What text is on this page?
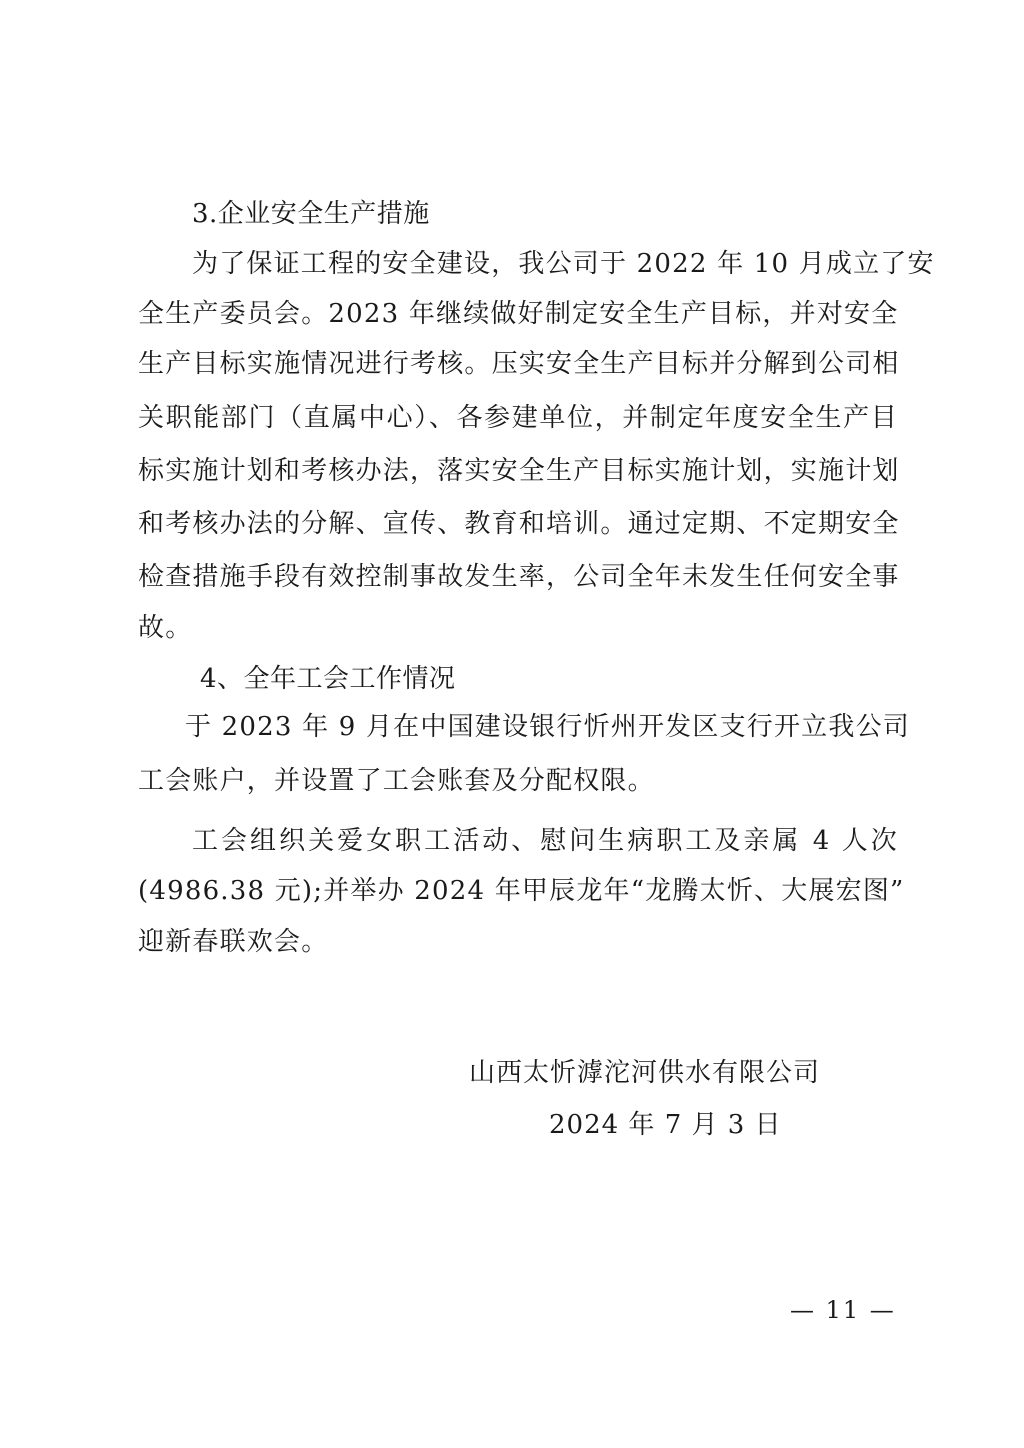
3.企业安全生产措施
为了保证工程的安全建设，我公司于 2022 年 10 月成立了安
全生产委员会。2023 年继续做好制定安全生产目标，并对安全
生产目标实施情况进行考核。压实安全生产目标并分解到公司相
关职能部门（直属中心）、各参建单位，并制定年度安全生产目
标实施计划和考核办法，落实安全生产目标实施计划，实施计划
和考核办法的分解、宣传、教育和培训。通过定期、不定期安全
检查措施手段有效控制事故发生率，公司全年未发生任何安全事
故。
4、全年工会工作情况
于 2023 年 9 月在中国建设银行忻州开发区支行开立我公司
工会账户，并设置了工会账套及分配权限。
工会组织关爱女职工活动、慰问生病职工及亲属 4 人次
(4986.38 元);并举办 2024 年甲辰龙年“龙腾太忻、大展宏图”
迎新春联欢会。
山西太忻滹沱河供水有限公司
2024 年 7 月 3 日
— 11 —
